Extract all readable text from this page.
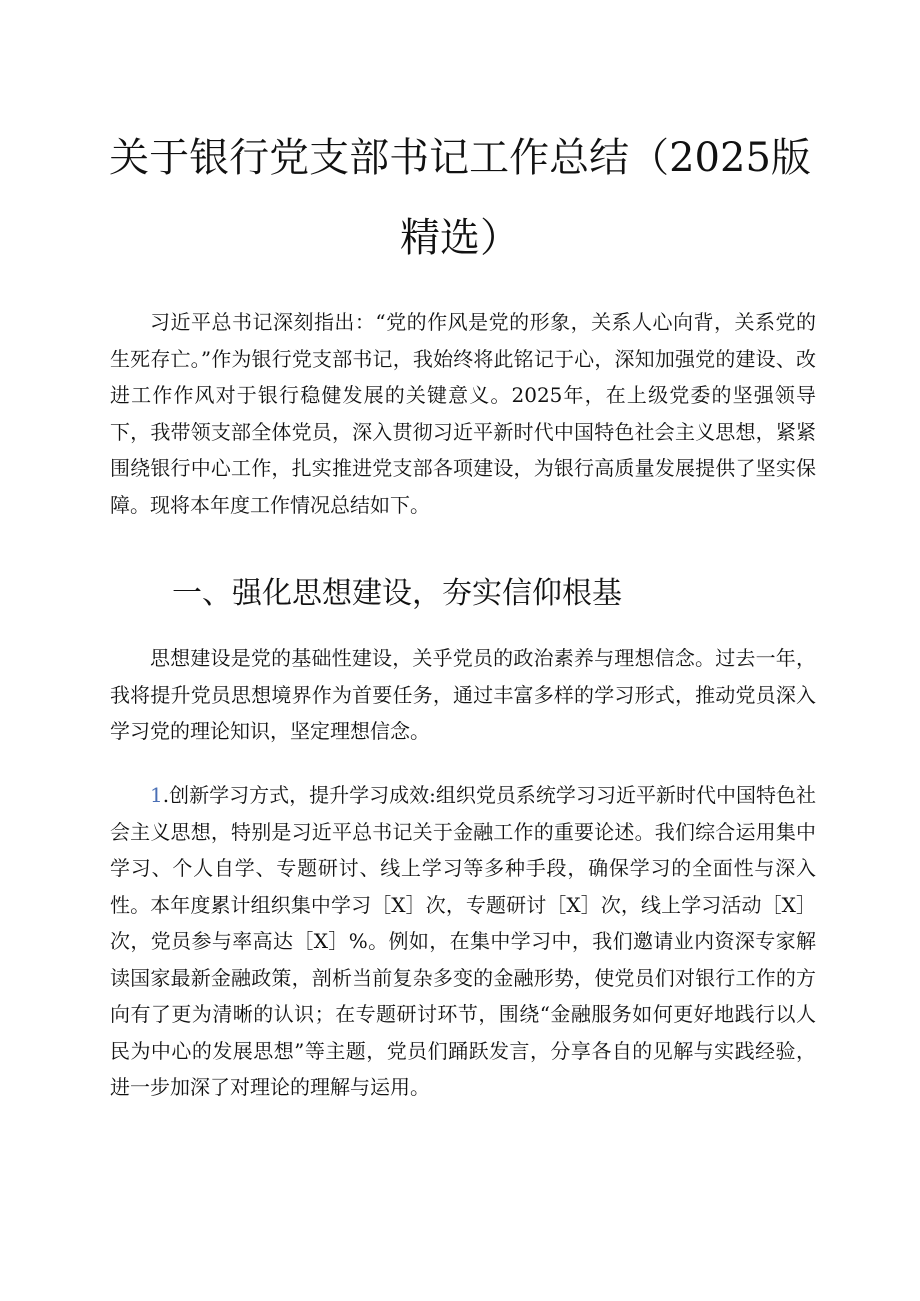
关于银行党支部书记工作总结（2025版精选）

习近平总书记深刻指出：“党的作风是党的形象，关系人心向背，关系党的生死存亡。”作为银行党支部书记，我始终将此铭记于心，深知加强党的建设、改进工作作风对于银行稳健发展的关键意义。2025年，在上级党委的坚强领导下，我带领支部全体党员，深入贯彻习近平新时代中国特色社会主义思想，紧紧围绕银行中心工作，扎实推进党支部各项建设，为银行高质量发展提供了坚实保障。现将本年度工作情况总结如下。

一、强化思想建设，夯实信仰根基

思想建设是党的基础性建设，关乎党员的政治素养与理想信念。过去一年，我将提升党员思想境界作为首要任务，通过丰富多样的学习形式，推动党员深入学习党的理论知识，坚定理想信念。

1.创新学习方式，提升学习成效:组织党员系统学习习近平新时代中国特色社会主义思想，特别是习近平总书记关于金融工作的重要论述。我们综合运用集中学习、个人自学、专题研讨、线上学习等多种手段，确保学习的全面性与深入性。本年度累计组织集中学习［X］次，专题研讨［X］次，线上学习活动［X］次，党员参与率高达［X］%。例如，在集中学习中，我们邀请业内资深专家解读国家最新金融政策，剖析当前复杂多变的金融形势，使党员们对银行工作的方向有了更为清晰的认识；在专题研讨环节，围绕“金融服务如何更好地践行以人民为中心的发展思想”等主题，党员们踊跃发言，分享各自的见解与实践经验，进一步加深了对理论的理解与运用。
